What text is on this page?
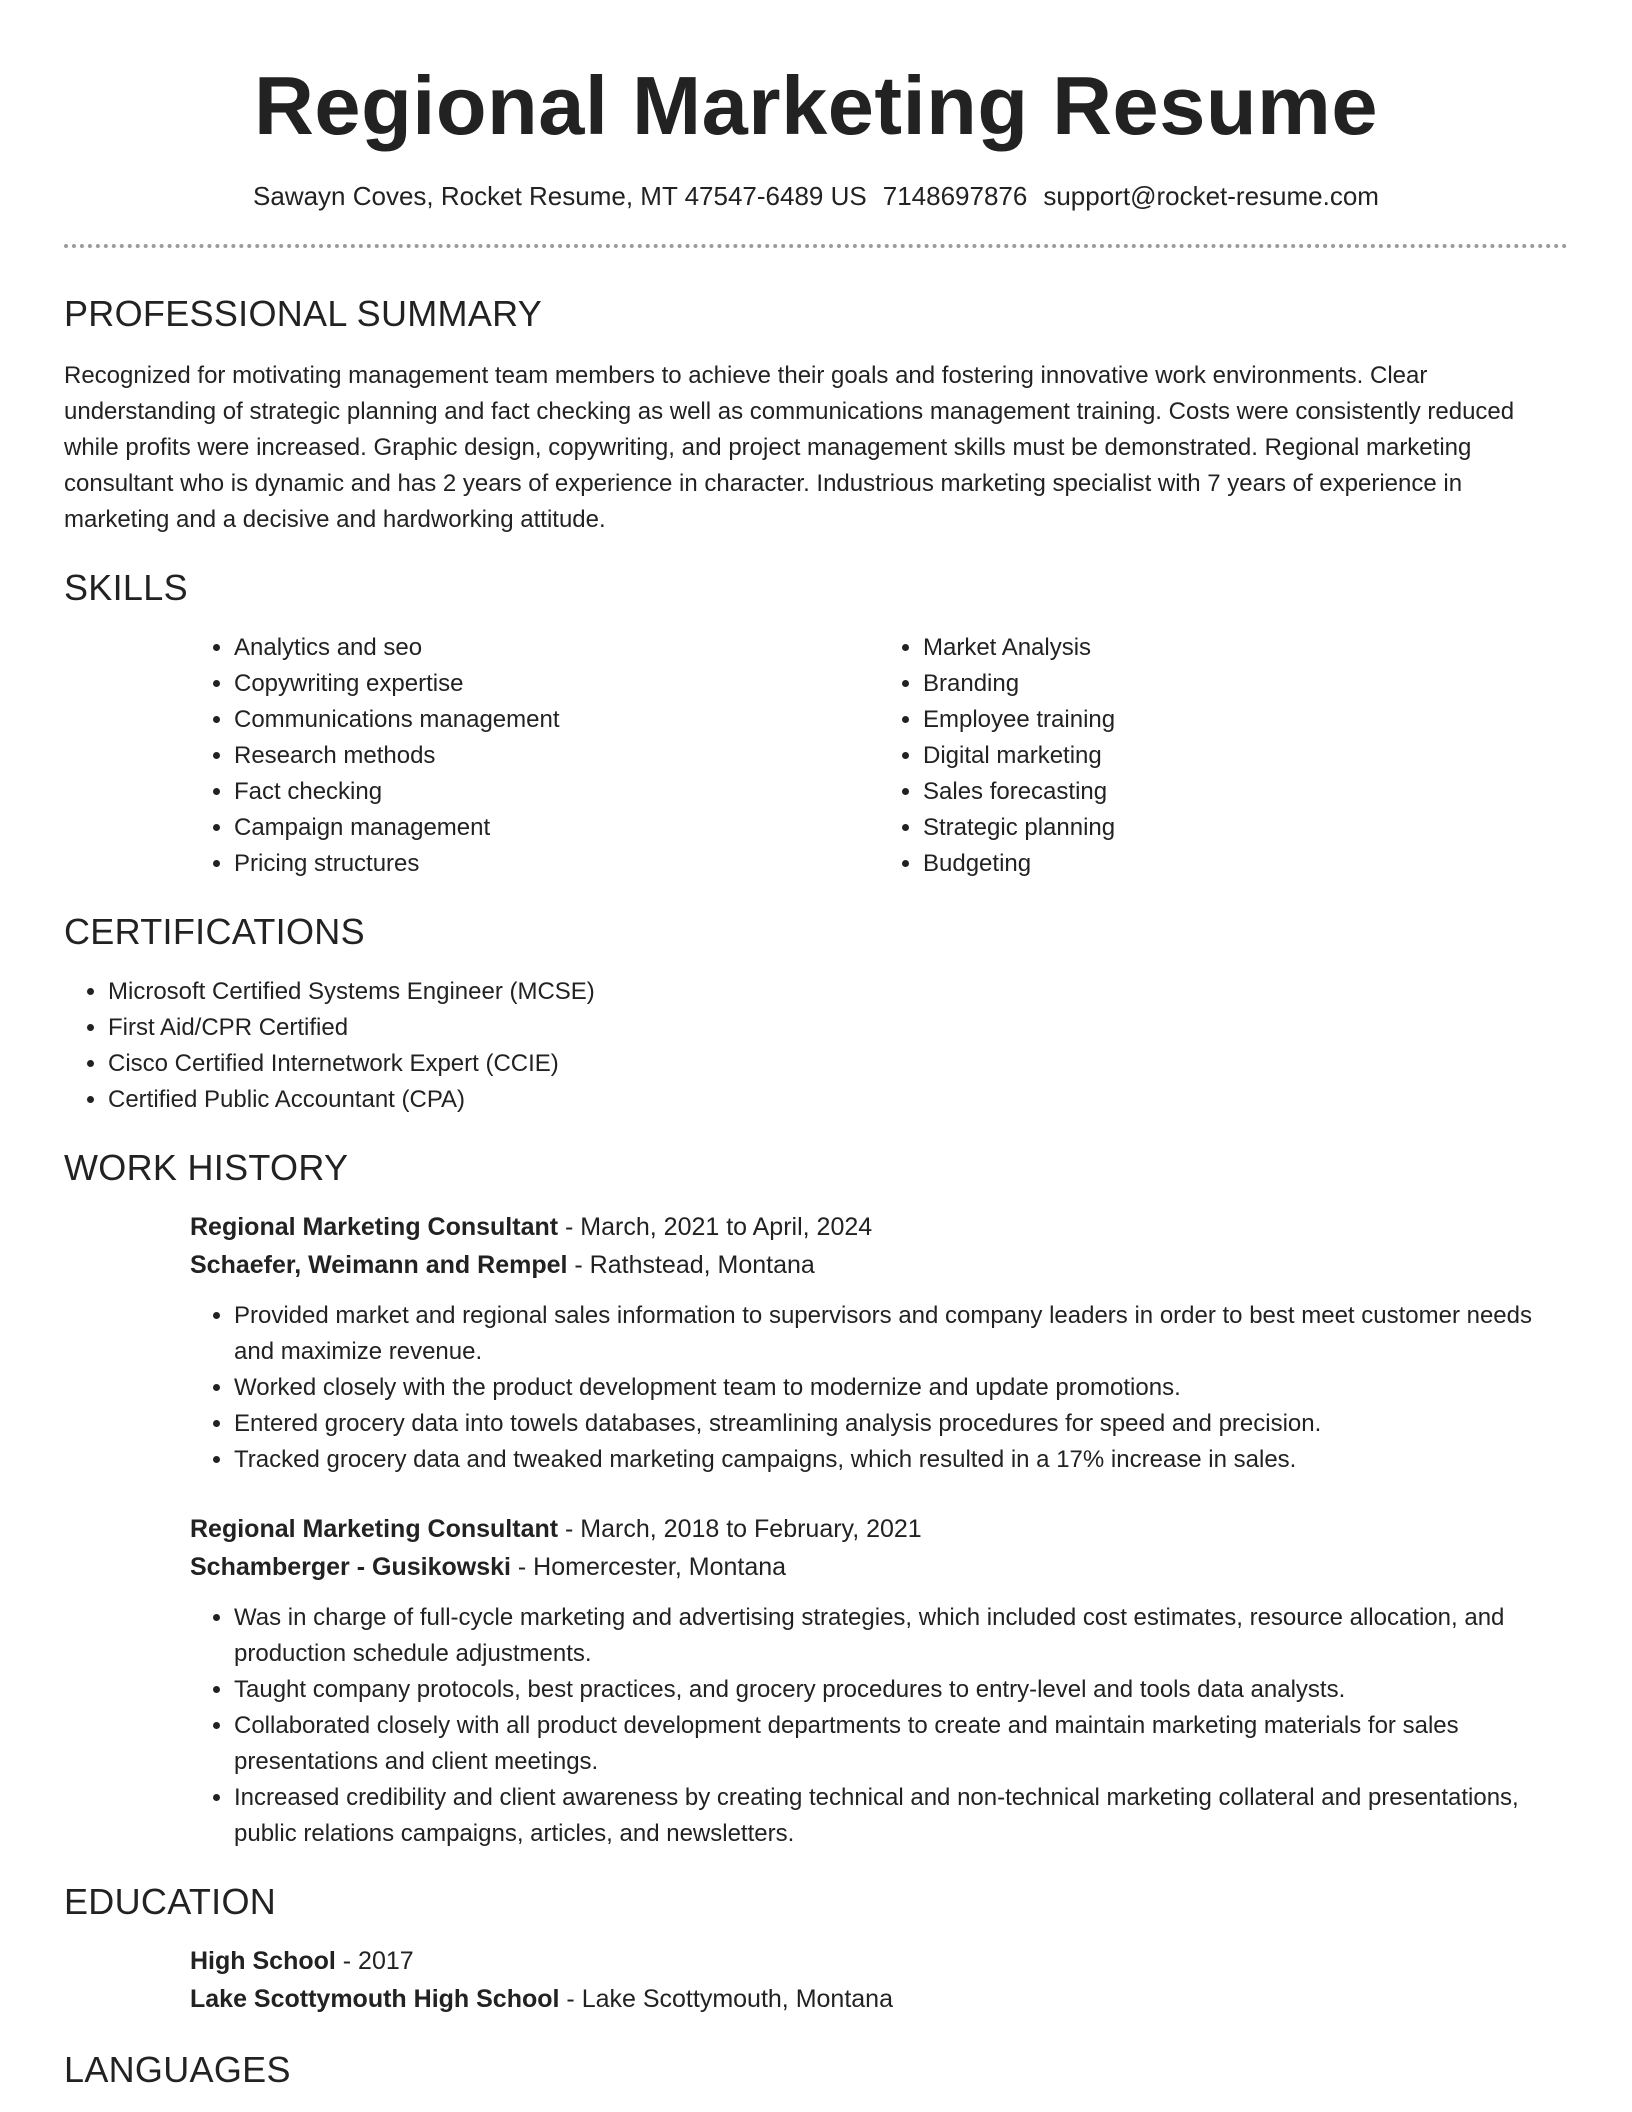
Regional Marketing Resume
Sawayn Coves, Rocket Resume, MT 47547-6489 US 7148697876 support@rocket-resume.com
PROFESSIONAL SUMMARY

Recognized for motivating management team members to achieve their goals and fostering innovative work environments. Clear understanding of strategic planning and fact checking as well as communications management training. Costs were consistently reduced while profits were increased. Graphic design, copywriting, and project management skills must be demonstrated. Regional marketing consultant who is dynamic and has 2 years of experience in character. Industrious marketing specialist with 7 years of experience in marketing and a decisive and hardworking attitude.

SKILLS
• Analytics and seo
• Copywriting expertise
• Communications management
• Research methods
• Fact checking
• Campaign management
• Pricing structures
• Market Analysis
• Branding
• Employee training
• Digital marketing
• Sales forecasting
• Strategic planning
• Budgeting
CERTIFICATIONS
• Microsoft Certified Systems Engineer (MCSE)
• First Aid/CPR Certified
• Cisco Certified Internetwork Expert (CCIE)
• Certified Public Accountant (CPA)
WORK HISTORY
Regional Marketing Consultant - March, 2021 to April, 2024
Schaefer, Weimann and Rempel - Rathstead, Montana
• Provided market and regional sales information to supervisors and company leaders in order to best meet customer needs and maximize revenue.
• Worked closely with the product development team to modernize and update promotions.
• Entered grocery data into towels databases, streamlining analysis procedures for speed and precision.
• Tracked grocery data and tweaked marketing campaigns, which resulted in a 17% increase in sales.
Regional Marketing Consultant - March, 2018 to February, 2021
Schamberger - Gusikowski - Homercester, Montana
• Was in charge of full-cycle marketing and advertising strategies, which included cost estimates, resource allocation, and production schedule adjustments.
• Taught company protocols, best practices, and grocery procedures to entry-level and tools data analysts.
• Collaborated closely with all product development departments to create and maintain marketing materials for sales presentations and client meetings.
• Increased credibility and client awareness by creating technical and non-technical marketing collateral and presentations, public relations campaigns, articles, and newsletters.
EDUCATION
High School - 2017
Lake Scottymouth High School - Lake Scottymouth, Montana
LANGUAGES
